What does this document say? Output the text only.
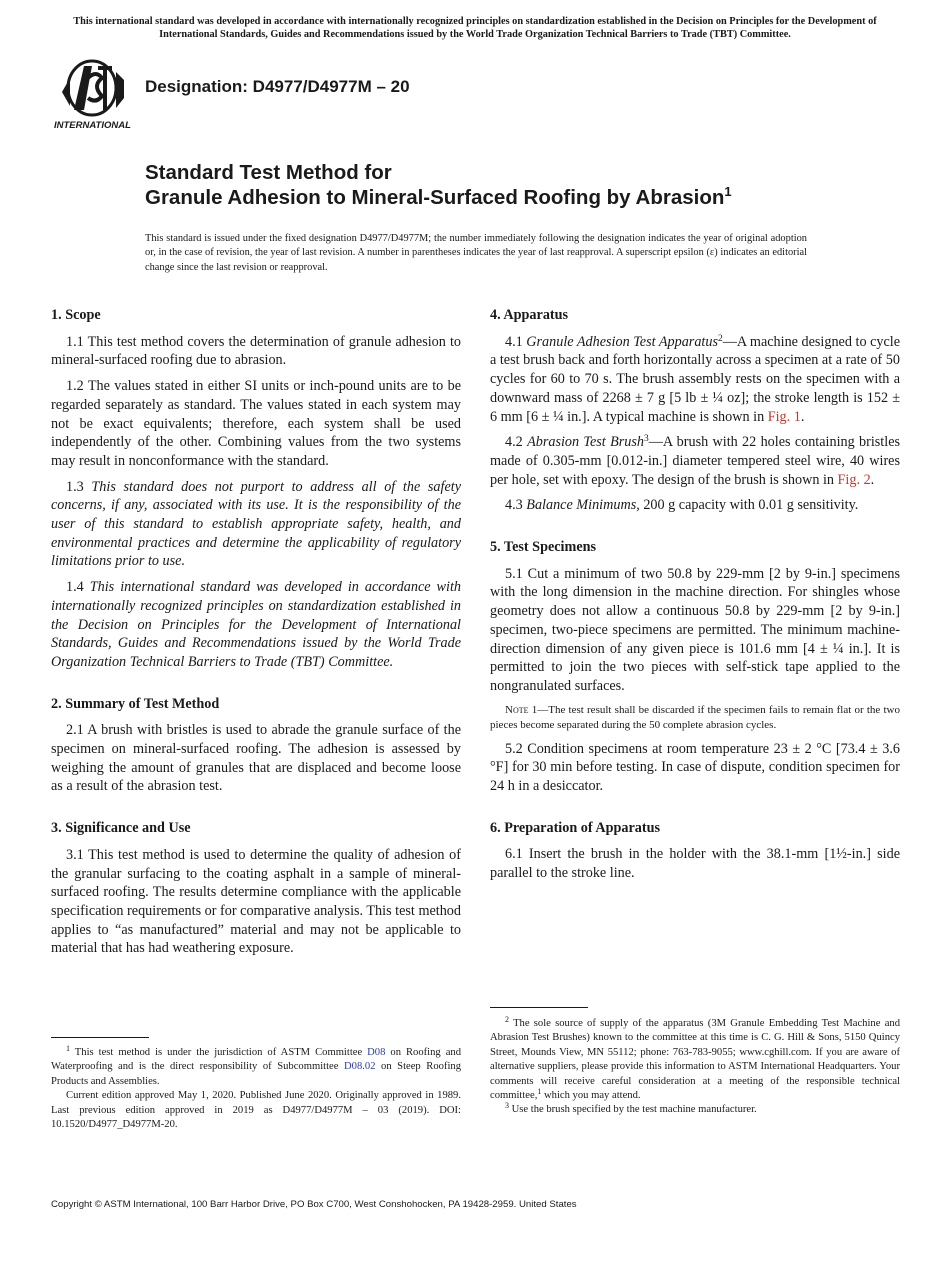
This international standard was developed in accordance with internationally recognized principles on standardization established in the Decision on Principles for the Development of International Standards, Guides and Recommendations issued by the World Trade Organization Technical Barriers to Trade (TBT) Committee.
INTERNATIONAL
Designation: D4977/D4977M – 20
Standard Test Method for
Granule Adhesion to Mineral-Surfaced Roofing by Abrasion$^1$
This standard is issued under the fixed designation D4977/D4977M; the number immediately following the designation indicates the year of original adoption or, in the case of revision, the year of last revision. A number in parentheses indicates the year of last reapproval. A superscript epsilon (ε) indicates an editorial change since the last revision or reapproval.
1. Scope

1.1 This test method covers the determination of granule adhesion to mineral-surfaced roofing due to abrasion.

1.2 The values stated in either SI units or inch-pound units are to be regarded separately as standard. The values stated in each system may not be exact equivalents; therefore, each system shall be used independently of the other. Combining values from the two systems may result in nonconformance with the standard.

1.3 This standard does not purport to address all of the safety concerns, if any, associated with its use. It is the responsibility of the user of this standard to establish appropriate safety, health, and environmental practices and determine the applicability of regulatory limitations prior to use.

1.4 This international standard was developed in accordance with internationally recognized principles on standardization established in the Decision on Principles for the Development of International Standards, Guides and Recommendations issued by the World Trade Organization Technical Barriers to Trade (TBT) Committee.

2. Summary of Test Method

2.1 A brush with bristles is used to abrade the granule surface of the specimen on mineral-surfaced roofing. The adhesion is assessed by weighing the amount of granules that are displaced and become loose as a result of the abrasion test.

3. Significance and Use

3.1 This test method is used to determine the quality of adhesion of the granular surfacing to the coating asphalt in a sample of mineral-surfaced roofing. The results determine compliance with the applicable specification requirements or for comparative analysis. This test method applies to “as manufactured” material and may not be applicable to material that has had weathering exposure.

4. Apparatus

4.1 Granule Adhesion Test Apparatus$^2$—A machine designed to cycle a test brush back and forth horizontally across a specimen at a rate of 50 cycles for 60 to 70 s. The brush assembly rests on the specimen with a downward mass of 2268 ± 7 g [5 lb ± ¼ oz]; the stroke length is 152 ± 6 mm [6 ± ¼ in.]. A typical machine is shown in Fig. 1.

4.2 Abrasion Test Brush$^3$—A brush with 22 holes containing bristles made of 0.305-mm [0.012-in.] diameter tempered steel wire, 40 wires per hole, set with epoxy. The design of the brush is shown in Fig. 2.

4.3 Balance Minimums, 200 g capacity with 0.01 g sensitivity.

5. Test Specimens

5.1 Cut a minimum of two 50.8 by 229-mm [2 by 9-in.] specimens with the long dimension in the machine direction. For shingles whose geometry does not allow a continuous 50.8 by 229-mm [2 by 9-in.] specimen, two-piece specimens are permitted. The minimum machine-direction dimension of any given piece is 101.6 mm [4 ± ¼ in.]. It is permitted to join the two pieces with self-stick tape applied to the nongranulated surfaces.

Note 1—The test result shall be discarded if the specimen fails to remain flat or the two pieces become separated during the 50 complete abrasion cycles.

5.2 Condition specimens at room temperature 23 ± 2 °C [73.4 ± 3.6 °F] for 30 min before testing. In case of dispute, condition specimen for 24 h in a desiccator.

6. Preparation of Apparatus

6.1 Insert the brush in the holder with the 38.1-mm [1½-in.] side parallel to the stroke line.

$^1$ This test method is under the jurisdiction of ASTM Committee D08 on Roofing and Waterproofing and is the direct responsibility of Subcommittee D08.02 on Steep Roofing Products and Assemblies.

Current edition approved May 1, 2020. Published June 2020. Originally approved in 1989. Last previous edition approved in 2019 as D4977/D4977M – 03 (2019). DOI: 10.1520/D4977_D4977M-20.

$^2$ The sole source of supply of the apparatus (3M Granule Embedding Test Machine and Abrasion Test Brushes) known to the committee at this time is C. G. Hill & Sons, 5150 Quincy Street, Mounds View, MN 55112; phone: 763-783-9055; www.cghill.com. If you are aware of alternative suppliers, please provide this information to ASTM International Headquarters. Your comments will receive careful consideration at a meeting of the responsible technical committee,$^1$ which you may attend.

$^3$ Use the brush specified by the test machine manufacturer.

Copyright © ASTM International, 100 Barr Harbor Drive, PO Box C700, West Conshohocken, PA 19428-2959. United States
